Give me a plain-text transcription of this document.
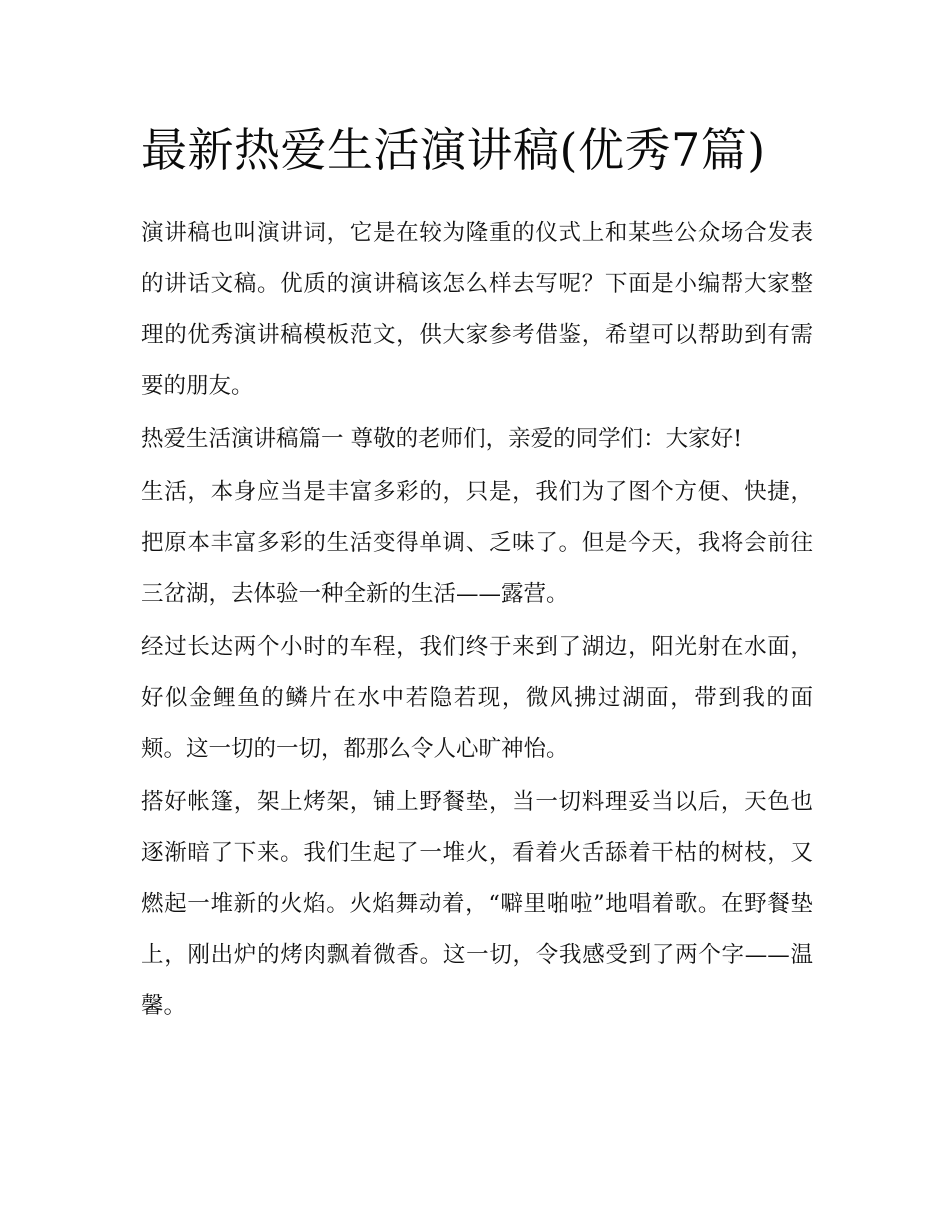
最新热爱生活演讲稿(优秀7篇)

演讲稿也叫演讲词，它是在较为隆重的仪式上和某些公众场合发表的讲话文稿。优质的演讲稿该怎么样去写呢？下面是小编帮大家整理的优秀演讲稿模板范文，供大家参考借鉴，希望可以帮助到有需要的朋友。

热爱生活演讲稿篇一 尊敬的老师们，亲爱的同学们：大家好!

生活，本身应当是丰富多彩的，只是，我们为了图个方便、快捷，把原本丰富多彩的生活变得单调、乏味了。但是今天，我将会前往三岔湖，去体验一种全新的生活——露营。

经过长达两个小时的车程，我们终于来到了湖边，阳光射在水面，好似金鲤鱼的鳞片在水中若隐若现，微风拂过湖面，带到我的面颊。这一切的一切，都那么令人心旷神怡。

搭好帐篷，架上烤架，铺上野餐垫，当一切料理妥当以后，天色也逐渐暗了下来。我们生起了一堆火，看着火舌舔着干枯的树枝，又燃起一堆新的火焰。火焰舞动着，“噼里啪啦”地唱着歌。在野餐垫上，刚出炉的烤肉飘着微香。这一切，令我感受到了两个字——温馨。
